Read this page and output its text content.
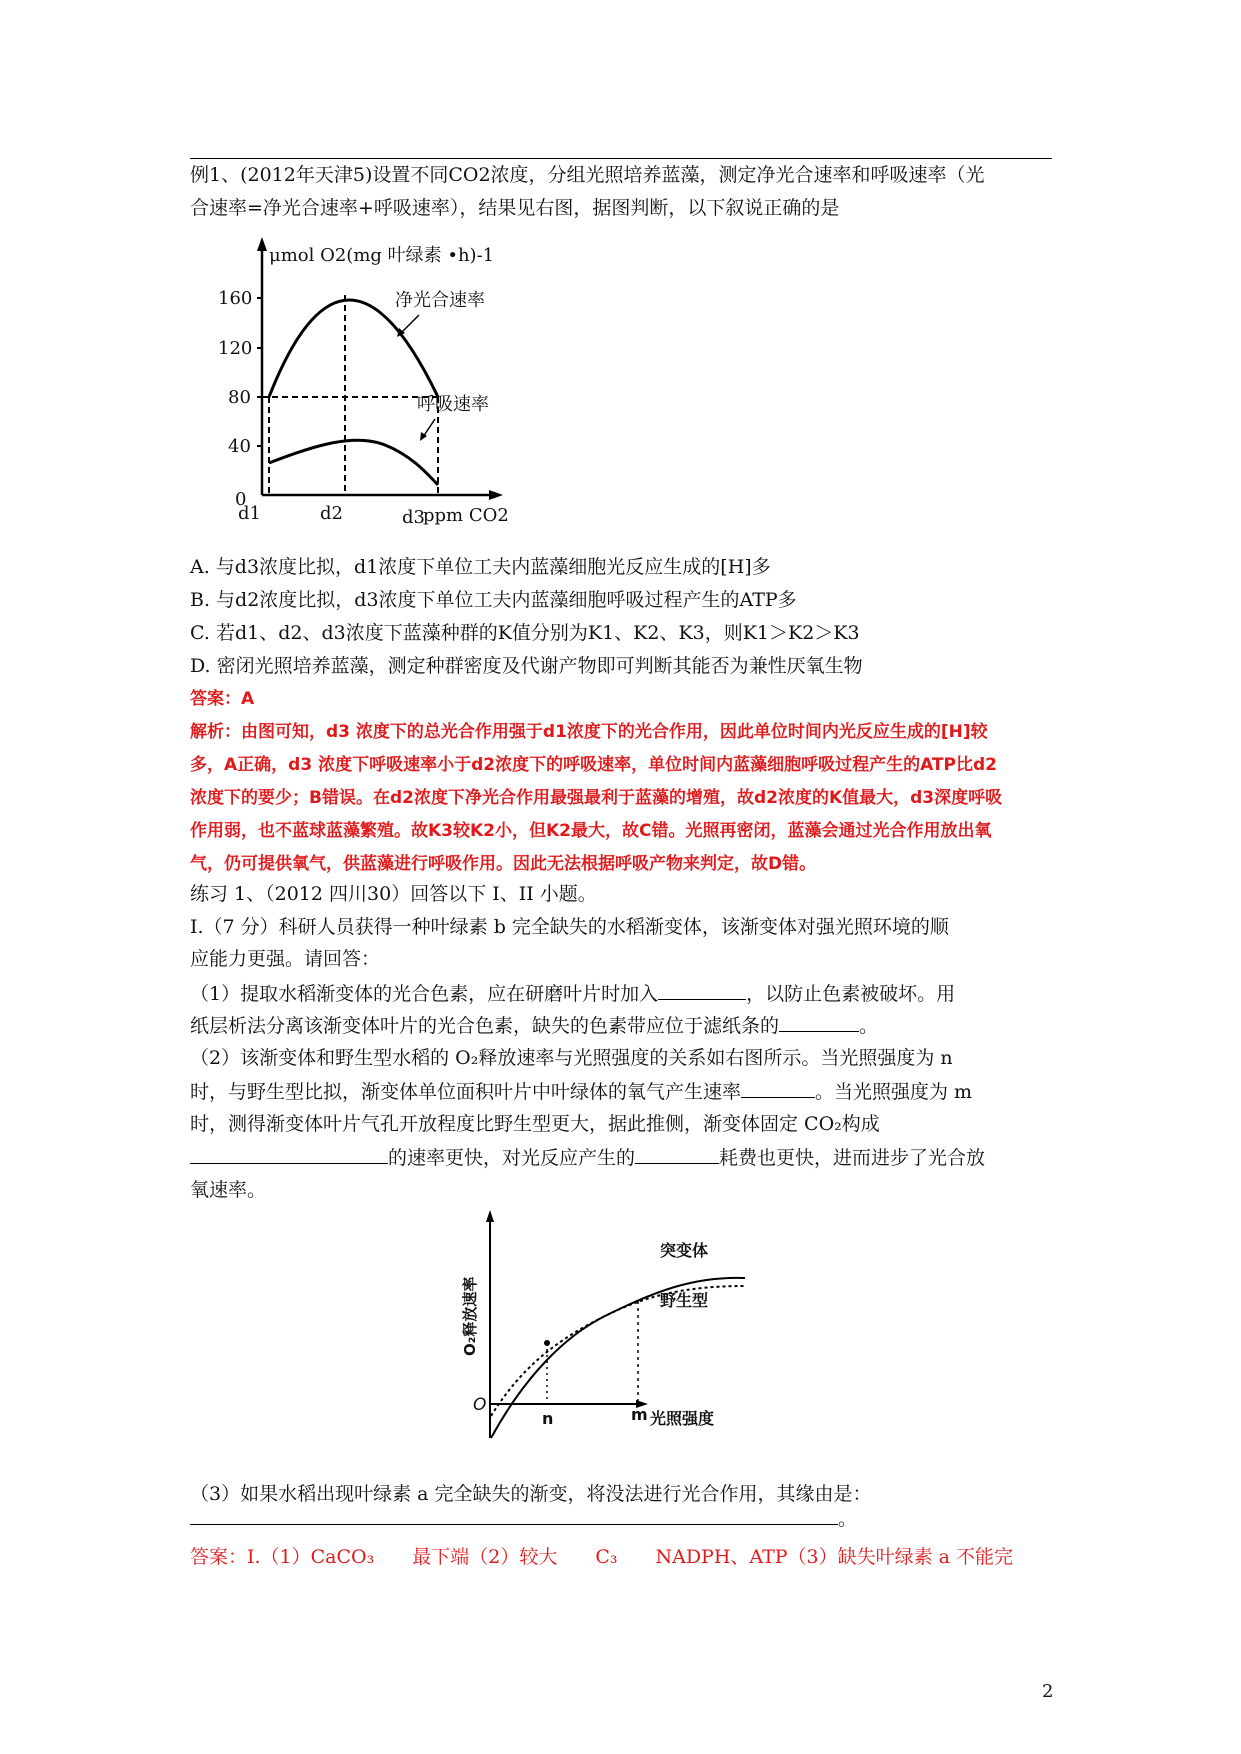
例1、(2012年天津5)设置不同CO2浓度，分组光照培养蓝藻，测定净光合速率和呼吸速率（光
合速率=净光合速率+呼吸速率），结果见右图，据图判断，以下叙说正确的是
160
120
80
40
0
μmol O2(mg 叶绿素 •h)-1
净光合速率
呼吸速率
d1	d2	d3
ppm CO2
A. 与d3浓度比拟，d1浓度下单位工夫内蓝藻细胞光反应生成的[H]多
B. 与d2浓度比拟，d3浓度下单位工夫内蓝藻细胞呼吸过程产生的ATP多
C. 若d1、d2、d3浓度下蓝藻种群的K值分别为K1、K2、K3，则K1＞K2＞K3
D. 密闭光照培养蓝藻，测定种群密度及代谢产物即可判断其能否为兼性厌氧生物
答案：A
解析：由图可知，d3 浓度下的总光合作用强于d1浓度下的光合作用，因此单位时间内光反应生成的[H]较
多，A正确，d3 浓度下呼吸速率小于d2浓度下的呼吸速率，单位时间内蓝藻细胞呼吸过程产生的ATP比d2
浓度下的要少；B错误。在d2浓度下净光合作用最强最利于蓝藻的增殖，故d2浓度的K值最大，d3深度呼吸
作用弱，也不蓝球蓝藻繁殖。故K3较K2小，但K2最大，故C错。光照再密闭，蓝藻会通过光合作用放出氧
气，仍可提供氧气，供蓝藻进行呼吸作用。因此无法根据呼吸产物来判定，故D错。
练习 1、（2012 四川30）回答以下 I、II 小题。
I.（7 分）科研人员获得一种叶绿素 b 完全缺失的水稻渐变体，该渐变体对强光照环境的顺
应能力更强。请回答：
（1）提取水稻渐变体的光合色素，应在研磨叶片时加入	，以防止色素被破坏。用
纸层析法分离该渐变体叶片的光合色素，缺失的色素带应位于滤纸条的	。
（2）该渐变体和野生型水稻的 O₂释放速率与光照强度的关系如右图所示。当光照强度为 n
时，与野生型比拟，渐变体单位面积叶片中叶绿体的氧气产生速率	。当光照强度为 m
时，测得渐变体叶片气孔开放程度比野生型更大，据此推侧，渐变体固定 CO₂构成
的速率更快，对光反应产生的	耗费也更快，进而进步了光合放
氧速率。
O
O₂释放速率
光照强度
n	m
突变体
野生型
（3）如果水稻出现叶绿素 a 完全缺失的渐变，将没法进行光合作用，其缘由是：
。
答案：I.（1）CaCO₃　　最下端（2）较大　　C₃　　NADPH、ATP（3）缺失叶绿素 a 不能完
2
